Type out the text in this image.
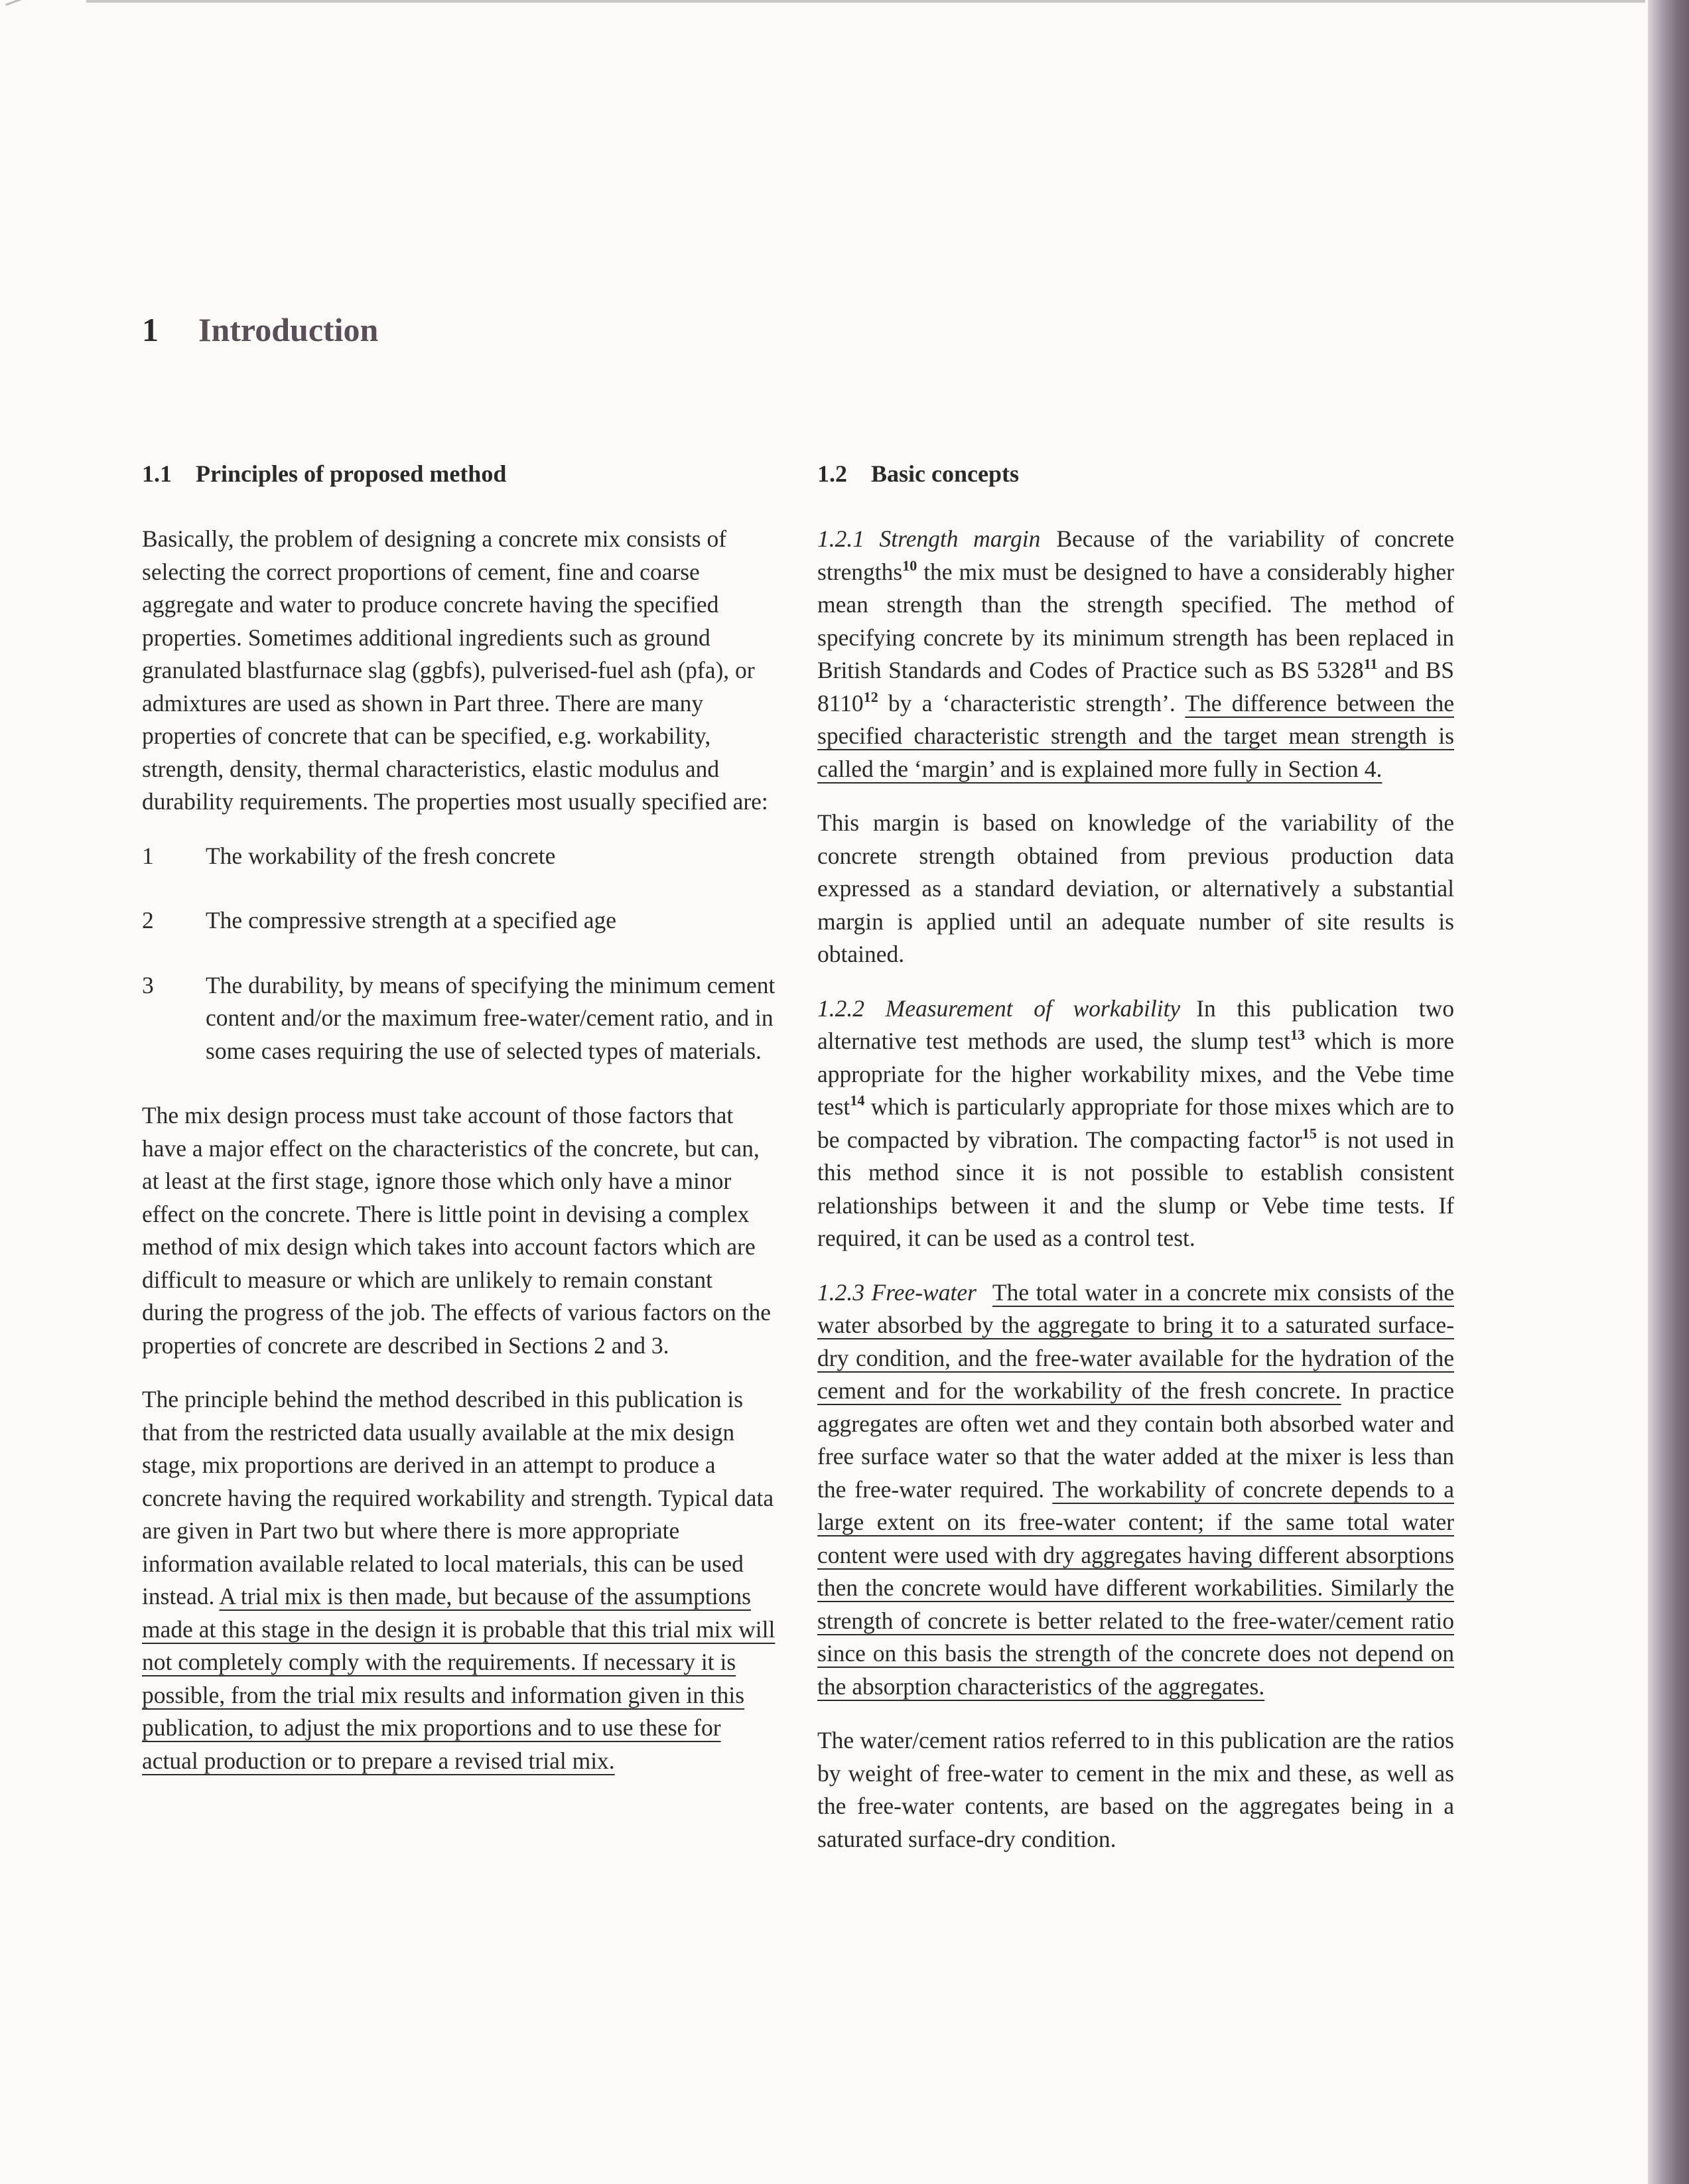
1 Introduction
1.1 Principles of proposed method

Basically, the problem of designing a concrete mix consists of selecting the correct proportions of cement, fine and coarse aggregate and water to produce concrete having the specified properties. Sometimes additional ingredients such as ground granulated blastfurnace slag (ggbfs), pulverised-fuel ash (pfa), or admixtures are used as shown in Part three. There are many properties of concrete that can be specified, e.g. workability, strength, density, thermal characteristics, elastic modulus and durability requirements. The properties most usually specified are:

1	The workability of the fresh concrete
2	The compressive strength at a specified age
3	The durability, by means of specifying the minimum cement content and/or the maximum free-water/cement ratio, and in some cases requiring the use of selected types of materials.

The mix design process must take account of those factors that have a major effect on the characteristics of the concrete, but can, at least at the first stage, ignore those which only have a minor effect on the concrete. There is little point in devising a complex method of mix design which takes into account factors which are difficult to measure or which are unlikely to remain constant during the progress of the job. The effects of various factors on the properties of concrete are described in Sections 2 and 3.

The principle behind the method described in this publication is that from the restricted data usually available at the mix design stage, mix proportions are derived in an attempt to produce a concrete having the required workability and strength. Typical data are given in Part two but where there is more appropriate information available related to local materials, this can be used instead. A trial mix is then made, but because of the assumptions made at this stage in the design it is probable that this trial mix will not completely comply with the requirements. If necessary it is possible, from the trial mix results and information given in this publication, to adjust the mix proportions and to use these for actual production or to prepare a revised trial mix.

1.2 Basic concepts

1.2.1 Strength margin Because of the variability of concrete strengths$^{10}$ the mix must be designed to have a considerably higher mean strength than the strength specified. The method of specifying concrete by its minimum strength has been replaced in British Standards and Codes of Practice such as BS 5328$^{11}$ and BS 8110$^{12}$ by a ‘characteristic strength’. The difference between the specified characteristic strength and the target mean strength is called the ‘margin’ and is explained more fully in Section 4.

This margin is based on knowledge of the variability of the concrete strength obtained from previous production data expressed as a standard deviation, or alternatively a substantial margin is applied until an adequate number of site results is obtained.

1.2.2 Measurement of workability In this publication two alternative test methods are used, the slump test$^{13}$ which is more appropriate for the higher workability mixes, and the Vebe time test$^{14}$ which is particularly appropriate for those mixes which are to be compacted by vibration. The compacting factor$^{15}$ is not used in this method since it is not possible to establish consistent relationships between it and the slump or Vebe time tests. If required, it can be used as a control test.

1.2.3 Free-water The total water in a concrete mix consists of the water absorbed by the aggregate to bring it to a saturated surface-dry condition, and the free-water available for the hydration of the cement and for the workability of the fresh concrete. In practice aggregates are often wet and they contain both absorbed water and free surface water so that the water added at the mixer is less than the free-water required. The workability of concrete depends to a large extent on its free-water content; if the same total water content were used with dry aggregates having different absorptions then the concrete would have different workabilities. Similarly the strength of concrete is better related to the free-water/cement ratio since on this basis the strength of the concrete does not depend on the absorption characteristics of the aggregates.

The water/cement ratios referred to in this publication are the ratios by weight of free-water to cement in the mix and these, as well as the free-water contents, are based on the aggregates being in a saturated surface-dry condition.
